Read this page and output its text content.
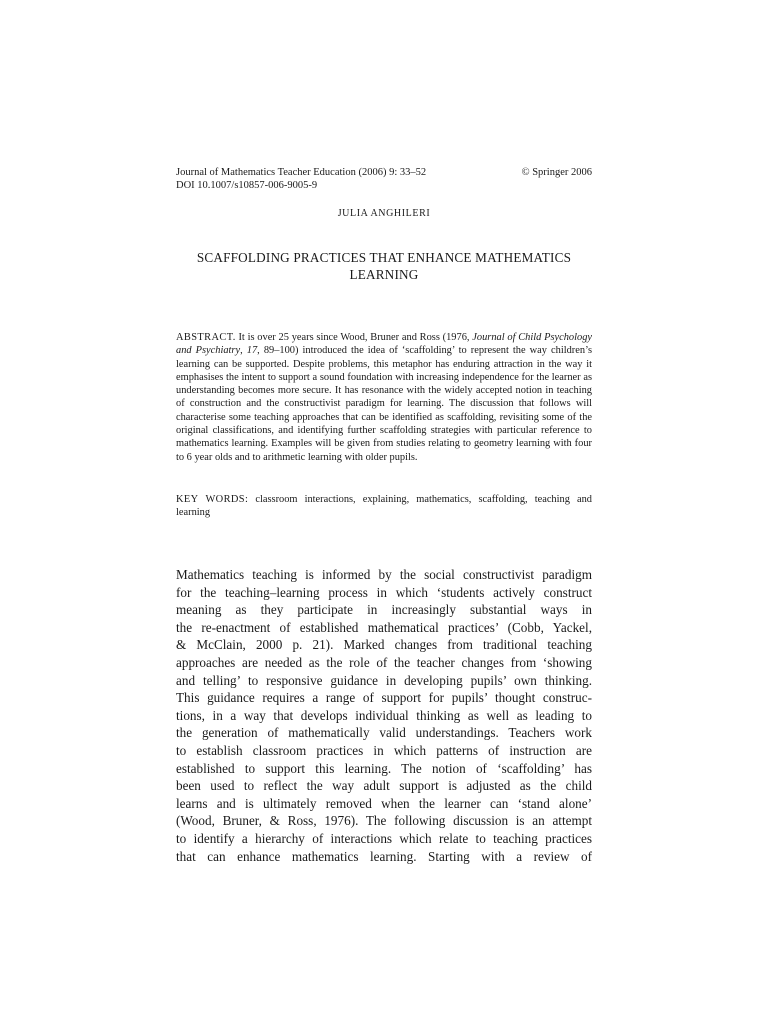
Journal of Mathematics Teacher Education (2006) 9: 33–52	© Springer 2006
DOI 10.1007/s10857-006-9005-9
JULIA ANGHILERI
SCAFFOLDING PRACTICES THAT ENHANCE MATHEMATICS
LEARNING
ABSTRACT. It is over 25 years since Wood, Bruner and Ross (1976, Journal of Child Psychology and Psychiatry, 17, 89–100) introduced the idea of ‘scaffolding’ to represent the way children’s learning can be supported. Despite problems, this metaphor has enduring attraction in the way it emphasises the intent to support a sound foundation with increasing independence for the learner as understanding becomes more secure. It has resonance with the widely accepted notion in teaching of construction and the constructivist paradigm for learning. The discussion that follows will characterise some teaching approaches that can be identified as scaffolding, revisiting some of the original classifications, and identifying further scaffolding strategies with particular reference to mathematics learning. Examples will be given from studies relating to geometry learning with four to 6 year olds and to arithmetic learning with older pupils.
KEY WORDS: classroom interactions, explaining, mathematics, scaffolding, teaching and learning
Mathematics teaching is informed by the social constructivist paradigm
for the teaching–learning process in which ‘students actively construct
meaning as they participate in increasingly substantial ways in
the re-enactment of established mathematical practices’ (Cobb, Yackel,
& McClain, 2000 p. 21). Marked changes from traditional teaching
approaches are needed as the role of the teacher changes from ‘showing
and telling’ to responsive guidance in developing pupils’ own thinking.
This guidance requires a range of support for pupils’ thought construc-
tions, in a way that develops individual thinking as well as leading to
the generation of mathematically valid understandings. Teachers work
to establish classroom practices in which patterns of instruction are
established to support this learning. The notion of ‘scaffolding’ has
been used to reflect the way adult support is adjusted as the child
learns and is ultimately removed when the learner can ‘stand alone’
(Wood, Bruner, & Ross, 1976). The following discussion is an attempt
to identify a hierarchy of interactions which relate to teaching practices
that can enhance mathematics learning. Starting with a review of
